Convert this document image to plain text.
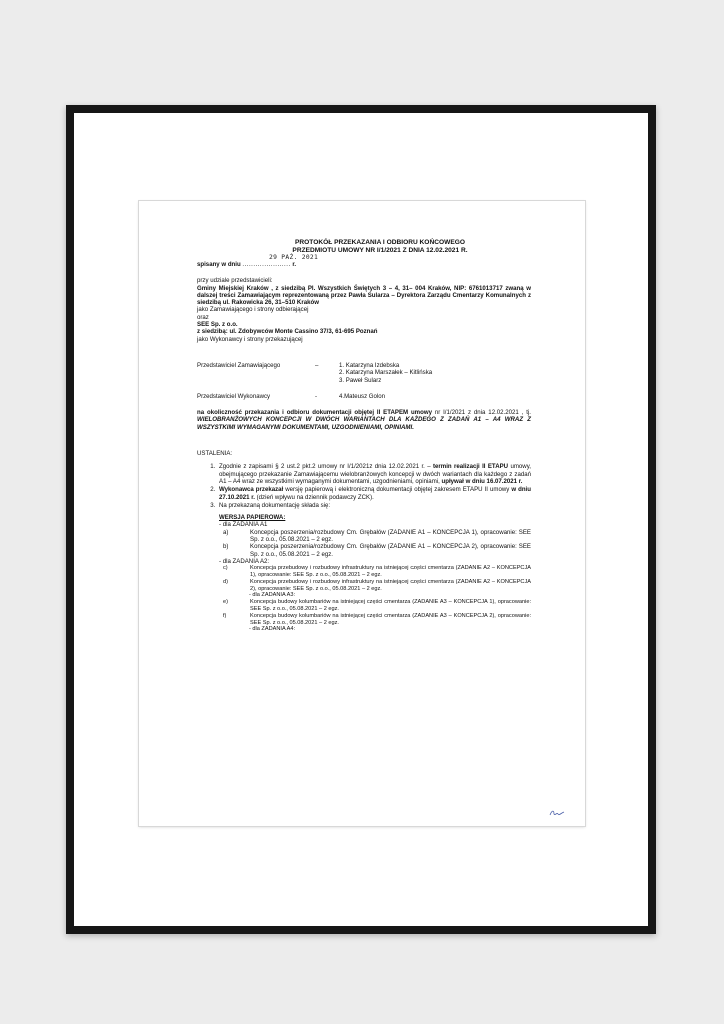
PROTOKÓŁ PRZEKAZANIA I ODBIORU KOŃCOWEGO

PRZEDMIOTU UMOWY NR I/1/2021 Z DNIA 12.02.2021 R.

29 PAŹ. 2021
spisany w dniu ...................... r.

przy udziale przedstawicieli:

Gminy Miejskiej Kraków , z siedzibą Pl. Wszystkich Świętych 3 – 4, 31– 004 Kraków, NIP: 6761013717 zwaną w dalszej treści Zamawiającym reprezentowaną przez Pawła Sularza – Dyrektora Zarządu Cmentarzy Komunalnych z siedzibą ul. Rakowicka 26, 31–510 Kraków

jako Zamawiającego i strony odbierającej

oraz

SEE Sp. z o.o.

z siedzibą: ul. Zdobywców Monte Cassino 37/3, 61-695 Poznań

jako Wykonawcy i strony przekazującej

Przedstawiciel Zamawiającego	–	1. Katarzyna Izdebska

2. Katarzyna Marszałek – Kitlińska

3. Paweł Sularz

Przedstawiciel Wykonawcy	-	4.Mateusz Golon

na okoliczność przekazania i odbioru dokumentacji objętej II ETAPEM umowy nr I/1/2021 z dnia 12.02.2021 , tj. WIELOBRANŻOWYCH KONCEPCJI W DWÓCH WARIANTACH DLA KAŻDEGO Z ZADAŃ A1 – A4 WRAZ Z WSZYSTKIMI WYMAGANYMI DOKUMENTAMI, UZGODNIENIAMI, OPINIAMI.

USTALENIA:

1. Zgodnie z zapisami § 2 ust.2 pkt.2 umowy nr I/1/2021z dnia 12.02.2021 r. – termin realizacji II ETAPU umowy, obejmującego przekazanie Zamawiającemu wielobranżowych koncepcji w dwóch wariantach dla każdego z zadań A1 – A4 wraz ze wszystkimi wymaganymi dokumentami, uzgodnieniami, opiniami, upływał w dniu 16.07.2021 r.
2. Wykonawca przekazał wersję papierową i elektroniczną dokumentacji objętej zakresem ETAPU II umowy w dniu 27.10.2021 r. (dzień wpływu na dziennik podawczy ZCK).
3. Na przekazaną dokumentację składa się:

WERSJA PAPIEROWA:

- dla ZADANIA A1

a)	Koncepcja poszerzenia/rozbudowy Cm. Grębałów (ZADANIE A1 – KONCEPCJA 1), opracowanie: SEE Sp. z o.o., 05.08.2021 – 2 egz.
b)	Koncepcja poszerzenia/rozbudowy Cm. Grębałów (ZADANIE A1 – KONCEPCJA 2), opracowanie: SEE Sp. z o.o., 05.08.2021 – 2 egz.

- dla ZADANIA A2:

c)	Koncepcja przebudowy i rozbudowy infrastruktury na istniejącej części cmentarza (ZADANIE A2 – KONCEPCJA 1), opracowanie: SEE Sp. z o.o., 05.08.2021 – 2 egz.
d)	Koncepcja przebudowy i rozbudowy infrastruktury na istniejącej części cmentarza (ZADANIE A2 – KONCEPCJA 2), opracowanie: SEE Sp. z o.o., 05.08.2021 – 2 egz.

- dla ZADANIA A3:

e)	Koncepcja budowy kolumbariów na istniejącej części cmentarza (ZADANIE A3 – KONCEPCJA 1), opracowanie: SEE Sp. z o.o., 05.08.2021 – 2 egz.
f)	Koncepcja budowy kolumbariów na istniejącej części cmentarza (ZADANIE A3 – KONCEPCJA 2), opracowanie: SEE Sp. z o.o., 05.08.2021 – 2 egz.

- dla ZADANIA A4:
